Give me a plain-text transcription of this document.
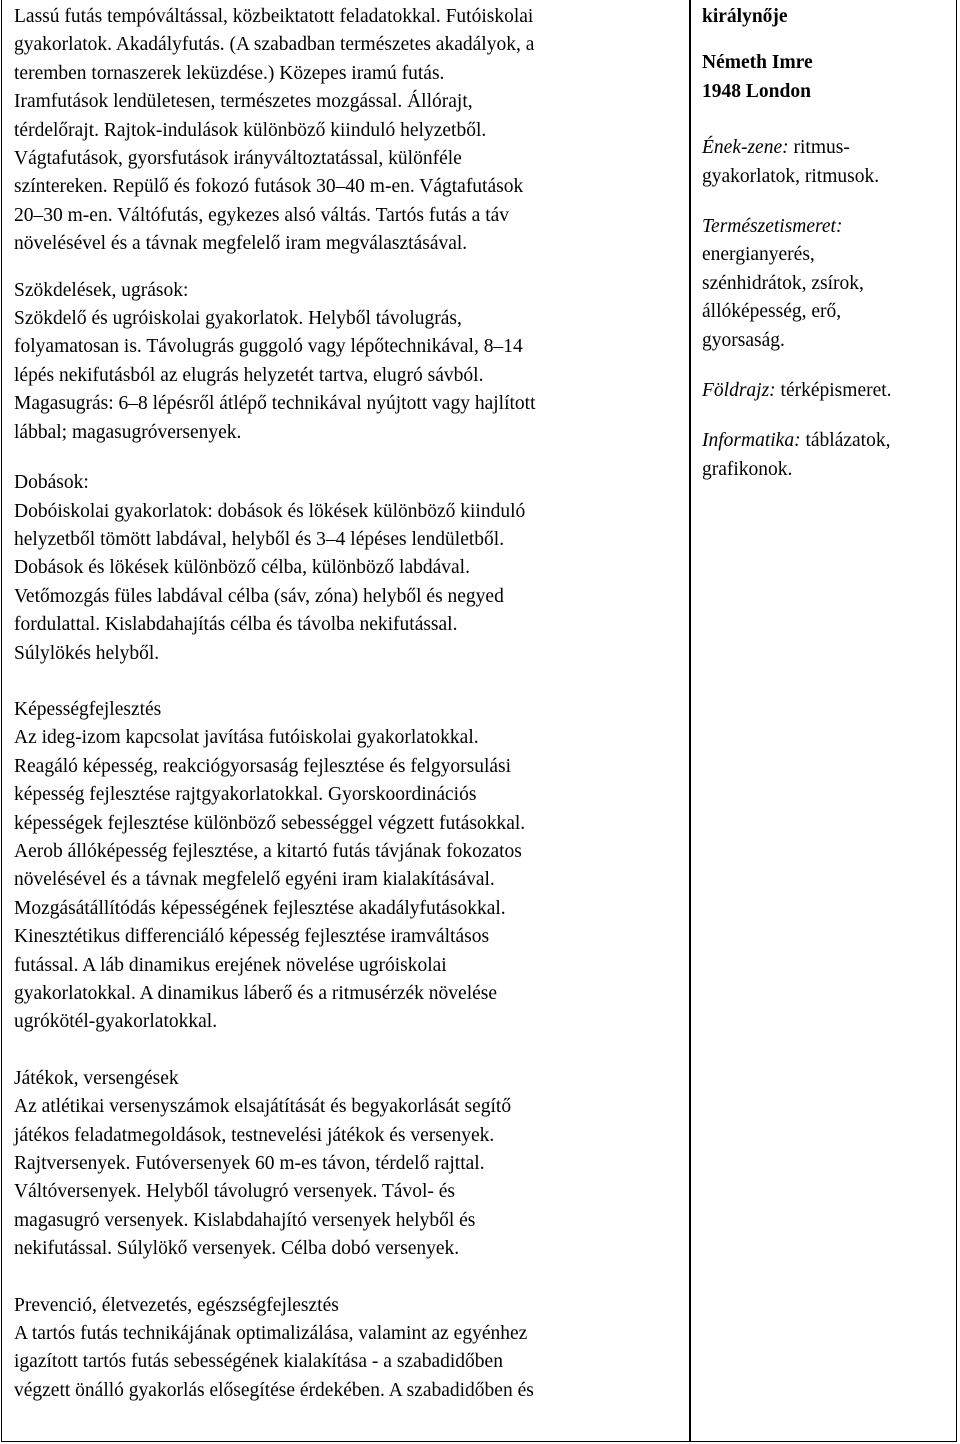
Lassú futás tempóváltással, közbeiktatott feladatokkal. Futóiskolai

gyakorlatok. Akadályfutás. (A szabadban természetes akadályok, a

teremben tornaszerek leküzdése.) Közepes iramú futás.

Iramfutások lendületesen, természetes mozgással. Állórajt,

térdelőrajt. Rajtok-indulások különböző kiinduló helyzetből.

Vágtafutások, gyorsfutások irányváltoztatással, különféle

színtereken. Repülő és fokozó futások 30–40 m-en. Vágtafutások

20–30 m-en. Váltófutás, egykezes alsó váltás. Tartós futás a táv

növelésével és a távnak megfelelő iram megválasztásával.

Szökdelések, ugrások:

Szökdelő és ugróiskolai gyakorlatok. Helyből távolugrás,

folyamatosan is. Távolugrás guggoló vagy lépőtechnikával, 8–14

lépés nekifutásból az elugrás helyzetét tartva, elugró sávból.

Magasugrás: 6–8 lépésről átlépő technikával nyújtott vagy hajlított

lábbal; magasugróversenyek.

Dobások:

Dobóiskolai gyakorlatok: dobások és lökések különböző kiinduló

helyzetből tömött labdával, helyből és 3–4 lépéses lendületből.

Dobások és lökések különböző célba, különböző labdával.

Vetőmozgás füles labdával célba (sáv, zóna) helyből és negyed

fordulattal. Kislabdahajítás célba és távolba nekifutással.

Súlylökés helyből.

Képességfejlesztés

Az ideg-izom kapcsolat javítása futóiskolai gyakorlatokkal.

Reagáló képesség, reakciógyorsaság fejlesztése és felgyorsulási

képesség fejlesztése rajtgyakorlatokkal. Gyorskoordinációs

képességek fejlesztése különböző sebességgel végzett futásokkal.

Aerob állóképesség fejlesztése, a kitartó futás távjának fokozatos

növelésével és a távnak megfelelő egyéni iram kialakításával.

Mozgásátállítódás képességének fejlesztése akadályfutásokkal.

Kinesztétikus differenciáló képesség fejlesztése iramváltásos

futással. A láb dinamikus erejének növelése ugróiskolai

gyakorlatokkal. A dinamikus láberő és a ritmusérzék növelése

ugrókötél-gyakorlatokkal.

Játékok, versengések

Az atlétikai versenyszámok elsajátítását és begyakorlását segítő

játékos feladatmegoldások, testnevelési játékok és versenyek.

Rajtversenyek. Futóversenyek 60 m-es távon, térdelő rajttal.

Váltóversenyek. Helyből távolugró versenyek. Távol- és

magasugró versenyek. Kislabdahajító versenyek helyből és

nekifutással. Súlylökő versenyek. Célba dobó versenyek.

Prevenció, életvezetés, egészségfejlesztés

A tartós futás technikájának optimalizálása, valamint az egyénhez

igazított tartós futás sebességének kialakítása - a szabadidőben

végzett önálló gyakorlás elősegítése érdekében. A szabadidőben és

királynője

Németh Imre

1948 London

Ének-zene: ritmus-

gyakorlatok, ritmusok.

Természetismeret:

energianyerés,

szénhidrátok, zsírok,

állóképesség, erő,

gyorsaság.

Földrajz: térképismeret.

Informatika: táblázatok,

grafikonok.
